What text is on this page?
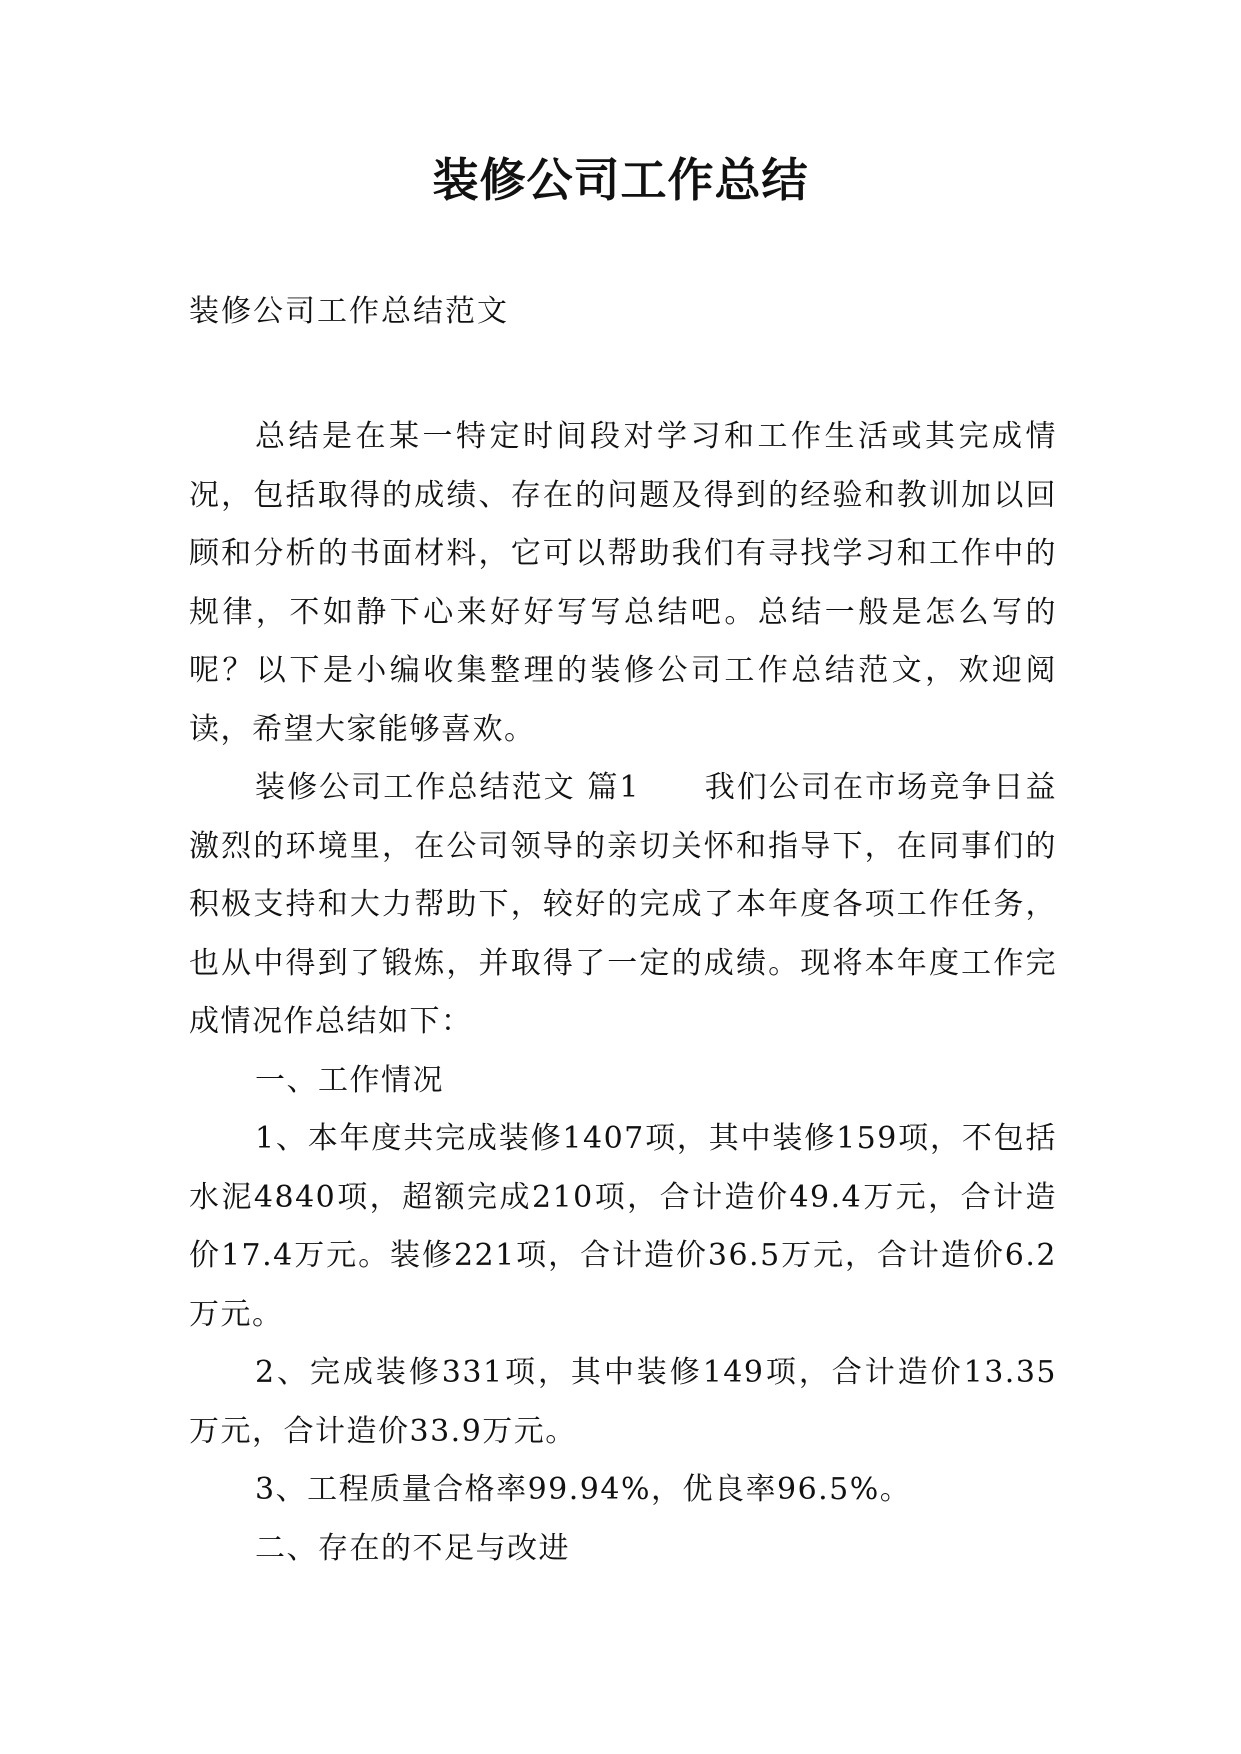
装修公司工作总结

装修公司工作总结范文

总结是在某一特定时间段对学习和工作生活或其完成情况，包括取得的成绩、存在的问题及得到的经验和教训加以回顾和分析的书面材料，它可以帮助我们有寻找学习和工作中的规律，不如静下心来好好写写总结吧。总结一般是怎么写的呢？以下是小编收集整理的装修公司工作总结范文，欢迎阅读，希望大家能够喜欢。

装修公司工作总结范文 篇1　　我们公司在市场竞争日益激烈的环境里，在公司领导的亲切关怀和指导下，在同事们的积极支持和大力帮助下，较好的完成了本年度各项工作任务，也从中得到了锻炼，并取得了一定的成绩。现将本年度工作完成情况作总结如下：

一、工作情况

1、本年度共完成装修1407项，其中装修159项，不包括水泥4840项，超额完成210项，合计造价49.4万元，合计造价17.4万元。装修221项，合计造价36.5万元，合计造价6.2万元。

2、完成装修331项，其中装修149项，合计造价13.35万元，合计造价33.9万元。

3、工程质量合格率99.94%，优良率96.5%。

二、存在的不足与改进
